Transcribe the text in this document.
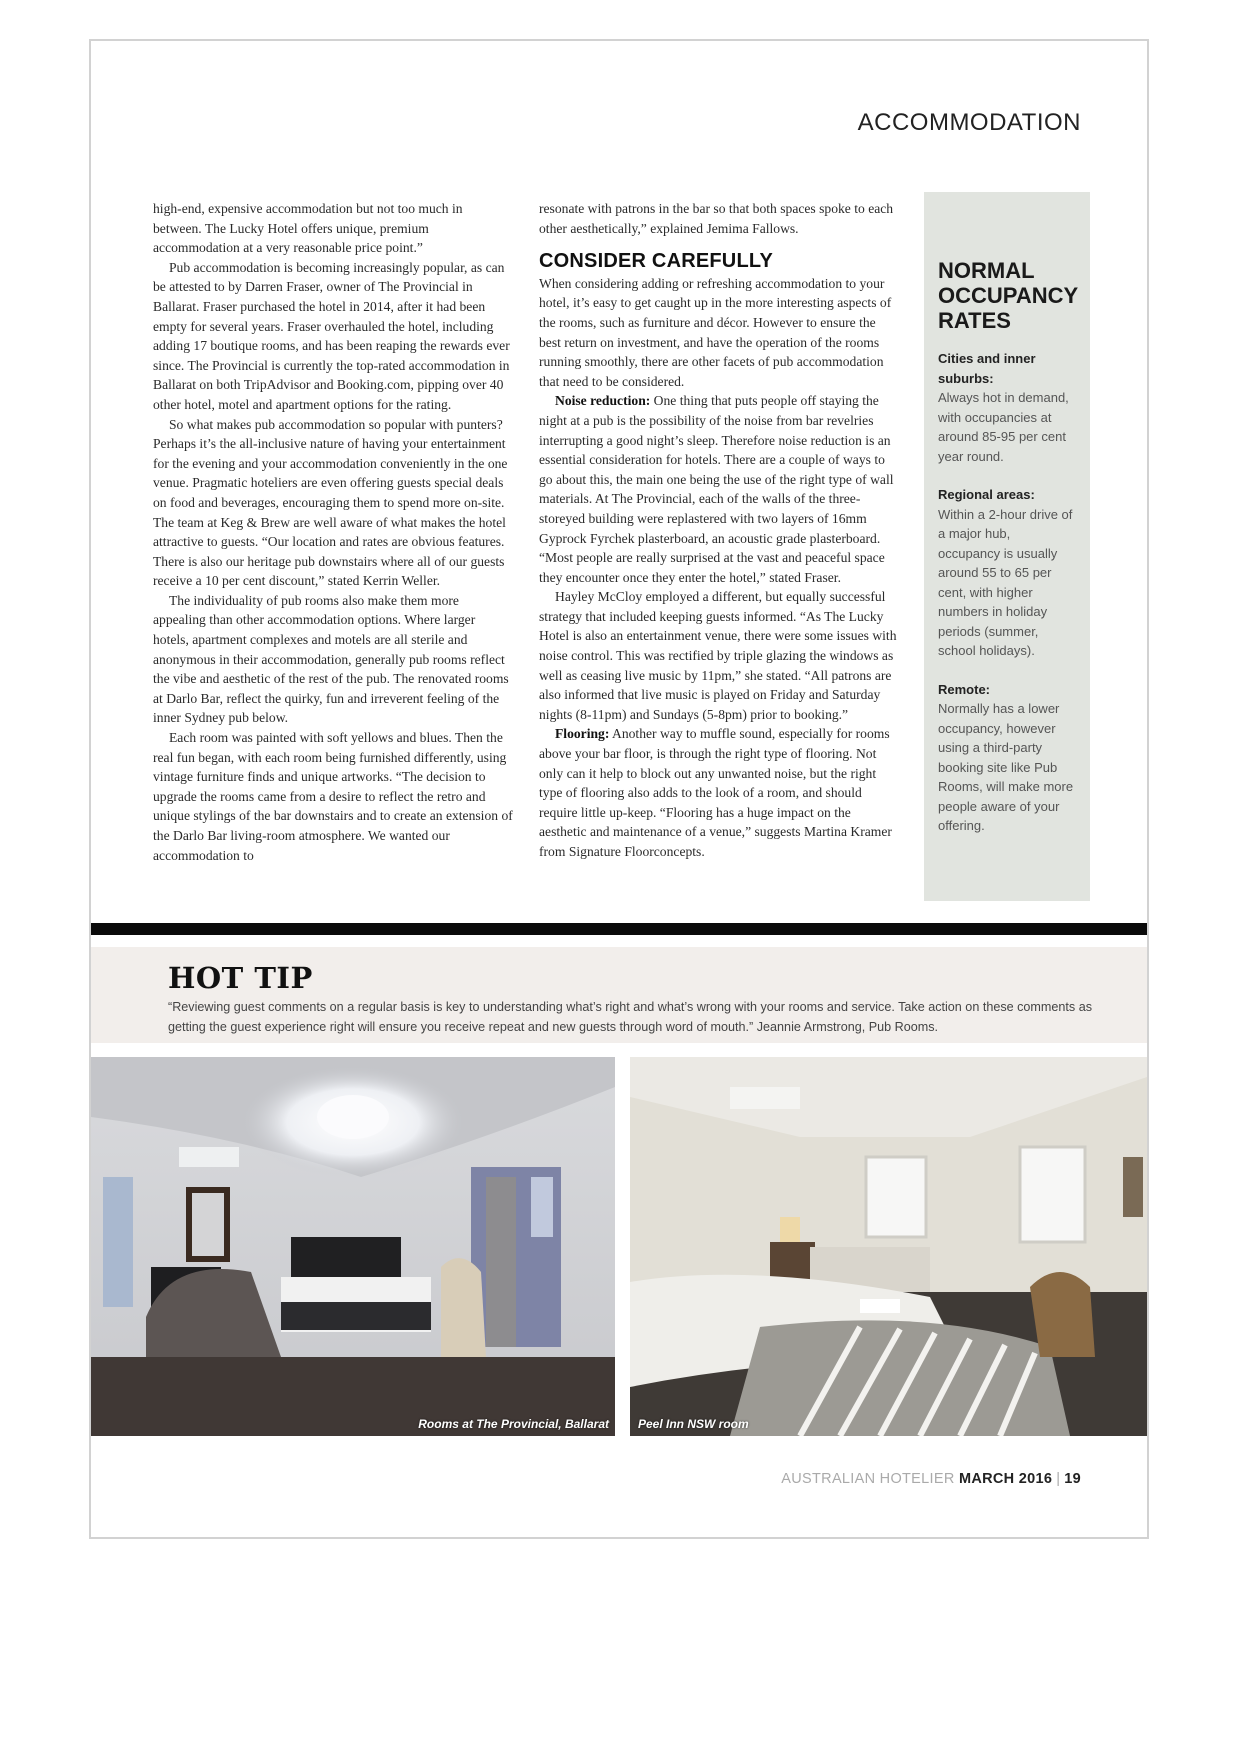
ACCOMMODATION

high-end, expensive accommodation but not too much in between. The Lucky Hotel offers unique, premium accommodation at a very reasonable price point.”

Pub accommodation is becoming increasingly popular, as can be attested to by Darren Fraser, owner of The Provincial in Ballarat. Fraser purchased the hotel in 2014, after it had been empty for several years. Fraser overhauled the hotel, including adding 17 boutique rooms, and has been reaping the rewards ever since. The Provincial is currently the top-rated accommodation in Ballarat on both TripAdvisor and Booking.com, pipping over 40 other hotel, motel and apartment options for the rating.

So what makes pub accommodation so popular with punters? Perhaps it’s the all-inclusive nature of having your entertainment for the evening and your accommodation conveniently in the one venue. Pragmatic hoteliers are even offering guests special deals on food and beverages, encouraging them to spend more on-site. The team at Keg & Brew are well aware of what makes the hotel attractive to guests. “Our location and rates are obvious features. There is also our heritage pub downstairs where all of our guests receive a 10 per cent discount,” stated Kerrin Weller.

The individuality of pub rooms also make them more appealing than other accommodation options. Where larger hotels, apartment complexes and motels are all sterile and anonymous in their accommodation, generally pub rooms reflect the vibe and aesthetic of the rest of the pub. The renovated rooms at Darlo Bar, reflect the quirky, fun and irreverent feeling of the inner Sydney pub below.

Each room was painted with soft yellows and blues. Then the real fun began, with each room being furnished differently, using vintage furniture finds and unique artworks. “The decision to upgrade the rooms came from a desire to reflect the retro and unique stylings of the bar downstairs and to create an extension of the Darlo Bar living-room atmosphere. We wanted our accommodation to

resonate with patrons in the bar so that both spaces spoke to each other aesthetically,” explained Jemima Fallows.

CONSIDER CAREFULLY

When considering adding or refreshing accommodation to your hotel, it’s easy to get caught up in the more interesting aspects of the rooms, such as furniture and décor. However to ensure the best return on investment, and have the operation of the rooms running smoothly, there are other facets of pub accommodation that need to be considered.

Noise reduction: One thing that puts people off staying the night at a pub is the possibility of the noise from bar revelries interrupting a good night’s sleep. Therefore noise reduction is an essential consideration for hotels. There are a couple of ways to go about this, the main one being the use of the right type of wall materials. At The Provincial, each of the walls of the three-storeyed building were replastered with two layers of 16mm Gyprock Fyrchek plasterboard, an acoustic grade plasterboard. “Most people are really surprised at the vast and peaceful space they encounter once they enter the hotel,” stated Fraser.

Hayley McCloy employed a different, but equally successful strategy that included keeping guests informed. “As The Lucky Hotel is also an entertainment venue, there were some issues with noise control. This was rectified by triple glazing the windows as well as ceasing live music by 11pm,” she stated. “All patrons are also informed that live music is played on Friday and Saturday nights (8-11pm) and Sundays (5-8pm) prior to booking.”

Flooring: Another way to muffle sound, especially for rooms above your bar floor, is through the right type of flooring. Not only can it help to block out any unwanted noise, but the right type of flooring also adds to the look of a room, and should require little up-keep. “Flooring has a huge impact on the aesthetic and maintenance of a venue,” suggests Martina Kramer from Signature Floorconcepts.

NORMAL OCCUPANCY RATES
Cities and inner suburbs:
Always hot in demand, with occupancies at around 85-95 per cent year round.
Regional areas:
Within a 2-hour drive of a major hub, occupancy is usually around 55 to 65 per cent, with higher numbers in holiday periods (summer, school holidays).
Remote:
Normally has a lower occupancy, however using a third-party booking site like Pub Rooms, will make more people aware of your offering.
HOT TIP

“Reviewing guest comments on a regular basis is key to understanding what’s right and what’s wrong with your rooms and service. Take action on these comments as getting the guest experience right will ensure you receive repeat and new guests through word of mouth.” Jeannie Armstrong, Pub Rooms.

Rooms at The Provincial, Ballarat Peel Inn NSW room
AUSTRALIAN HOTELIER MARCH 2016 | 19
